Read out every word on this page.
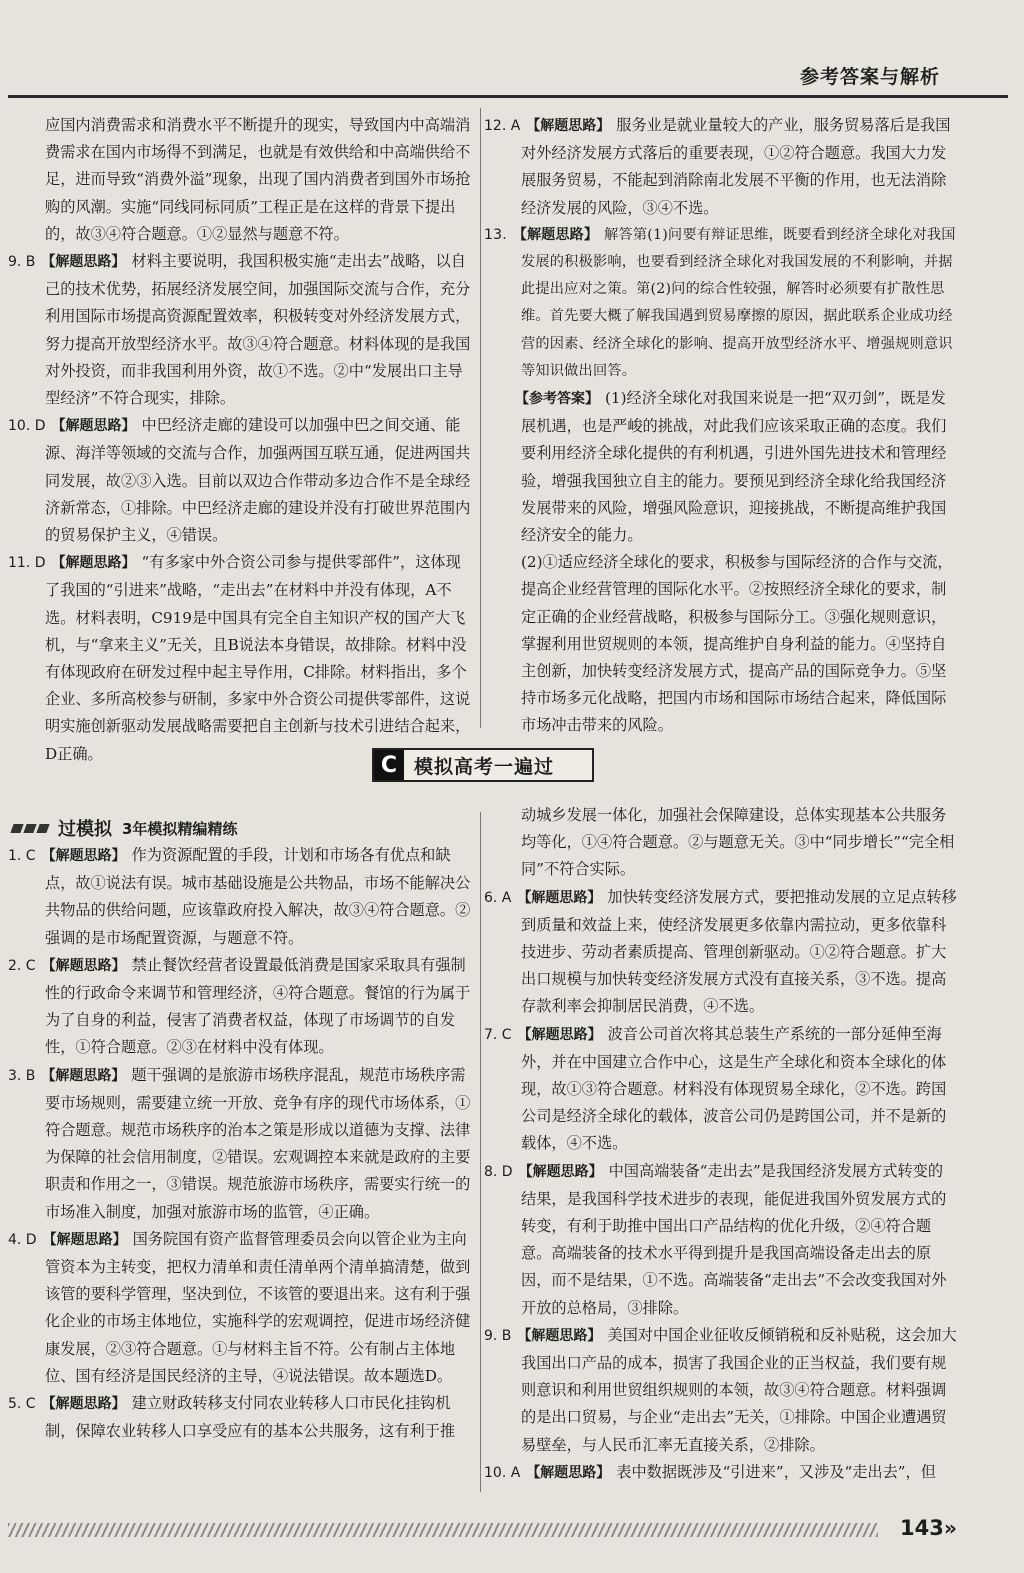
参考答案与解析
应国内消费需求和消费水平不断提升的现实，导致国内中高端消费需求在国内市场得不到满足，也就是有效供给和中高端供给不足，进而导致“消费外溢”现象，出现了国内消费者到国外市场抢购的风潮。实施“同线同标同质”工程正是在这样的背景下提出的，故③④符合题意。①②显然与题意不符。
9. B 【解题思路】 材料主要说明，我国积极实施“走出去”战略，以自己的技术优势，拓展经济发展空间，加强国际交流与合作，充分利用国际市场提高资源配置效率，积极转变对外经济发展方式，努力提高开放型经济水平。故③④符合题意。材料体现的是我国对外投资，而非我国利用外资，故①不选。②中“发展出口主导型经济”不符合现实，排除。
10. D 【解题思路】 中巴经济走廊的建设可以加强中巴之间交通、能源、海洋等领域的交流与合作，加强两国互联互通，促进两国共同发展，故②③入选。目前以双边合作带动多边合作不是全球经济新常态，①排除。中巴经济走廊的建设并没有打破世界范围内的贸易保护主义，④错误。
11. D 【解题思路】 “有多家中外合资公司参与提供零部件”，这体现了我国的“引进来”战略，“走出去”在材料中并没有体现，A不选。材料表明，C919是中国具有完全自主知识产权的国产大飞机，与“拿来主义”无关，且B说法本身错误，故排除。材料中没有体现政府在研发过程中起主导作用，C排除。材料指出，多个企业、多所高校参与研制，多家中外合资公司提供零部件，这说明实施创新驱动发展战略需要把自主创新与技术引进结合起来，D正确。
12. A 【解题思路】 服务业是就业量较大的产业，服务贸易落后是我国对外经济发展方式落后的重要表现，①②符合题意。我国大力发展服务贸易，不能起到消除南北发展不平衡的作用，也无法消除经济发展的风险，③④不选。
13. 【解题思路】 解答第(1)问要有辩证思维，既要看到经济全球化对我国发展的积极影响，也要看到经济全球化对我国发展的不利影响，并据此提出应对之策。第(2)问的综合性较强，解答时必须要有扩散性思维。首先要大概了解我国遇到贸易摩擦的原因，据此联系企业成功经营的因素、经济全球化的影响、提高开放型经济水平、增强规则意识等知识做出回答。
【参考答案】 (1)经济全球化对我国来说是一把“双刃剑”，既是发展机遇，也是严峻的挑战，对此我们应该采取正确的态度。我们要利用经济全球化提供的有利机遇，引进外国先进技术和管理经验，增强我国独立自主的能力。要预见到经济全球化给我国经济发展带来的风险，增强风险意识，迎接挑战，不断提高维护我国经济安全的能力。
(2)①适应经济全球化的要求，积极参与国际经济的合作与交流，提高企业经营管理的国际化水平。②按照经济全球化的要求，制定正确的企业经营战略，积极参与国际分工。③强化规则意识，掌握利用世贸规则的本领，提高维护自身利益的能力。④坚持自主创新，加快转变经济发展方式，提高产品的国际竞争力。⑤坚持市场多元化战略，把国内市场和国际市场结合起来，降低国际市场冲击带来的风险。
C 模拟高考一遍过
过模拟 3年模拟精编精练
1. C 【解题思路】 作为资源配置的手段，计划和市场各有优点和缺点，故①说法有误。城市基础设施是公共物品，市场不能解决公共物品的供给问题，应该靠政府投入解决，故③④符合题意。②强调的是市场配置资源，与题意不符。
2. C 【解题思路】 禁止餐饮经营者设置最低消费是国家采取具有强制性的行政命令来调节和管理经济，④符合题意。餐馆的行为属于为了自身的利益，侵害了消费者权益，体现了市场调节的自发性，①符合题意。②③在材料中没有体现。
3. B 【解题思路】 题干强调的是旅游市场秩序混乱，规范市场秩序需要市场规则，需要建立统一开放、竞争有序的现代市场体系，①符合题意。规范市场秩序的治本之策是形成以道德为支撑、法律为保障的社会信用制度，②错误。宏观调控本来就是政府的主要职责和作用之一，③错误。规范旅游市场秩序，需要实行统一的市场准入制度，加强对旅游市场的监管，④正确。
4. D 【解题思路】 国务院国有资产监督管理委员会向以管企业为主向管资本为主转变，把权力清单和责任清单两个清单搞清楚，做到该管的要科学管理，坚决到位，不该管的要退出来。这有利于强化企业的市场主体地位，实施科学的宏观调控，促进市场经济健康发展，②③符合题意。①与材料主旨不符。公有制占主体地位、国有经济是国民经济的主导，④说法错误。故本题选D。
5. C 【解题思路】 建立财政转移支付同农业转移人口市民化挂钩机制，保障农业转移人口享受应有的基本公共服务，这有利于推
动城乡发展一体化，加强社会保障建设，总体实现基本公共服务均等化，①④符合题意。②与题意无关。③中“同步增长”“完全相同”不符合实际。
6. A 【解题思路】 加快转变经济发展方式，要把推动发展的立足点转移到质量和效益上来，使经济发展更多依靠内需拉动，更多依靠科技进步、劳动者素质提高、管理创新驱动。①②符合题意。扩大出口规模与加快转变经济发展方式没有直接关系，③不选。提高存款利率会抑制居民消费，④不选。
7. C 【解题思路】 波音公司首次将其总装生产系统的一部分延伸至海外，并在中国建立合作中心，这是生产全球化和资本全球化的体现，故①③符合题意。材料没有体现贸易全球化，②不选。跨国公司是经济全球化的载体，波音公司仍是跨国公司，并不是新的载体，④不选。
8. D 【解题思路】 中国高端装备“走出去”是我国经济发展方式转变的结果，是我国科学技术进步的表现，能促进我国外贸发展方式的转变，有利于助推中国出口产品结构的优化升级，②④符合题意。高端装备的技术水平得到提升是我国高端设备走出去的原因，而不是结果，①不选。高端装备“走出去”不会改变我国对外开放的总格局，③排除。
9. B 【解题思路】 美国对中国企业征收反倾销税和反补贴税，这会加大我国出口产品的成本，损害了我国企业的正当权益，我们要有规则意识和利用世贸组织规则的本领，故③④符合题意。材料强调的是出口贸易，与企业“走出去”无关，①排除。中国企业遭遇贸易壁垒，与人民币汇率无直接关系，②排除。
10. A 【解题思路】 表中数据既涉及“引进来”，又涉及“走出去”，但
143 »
